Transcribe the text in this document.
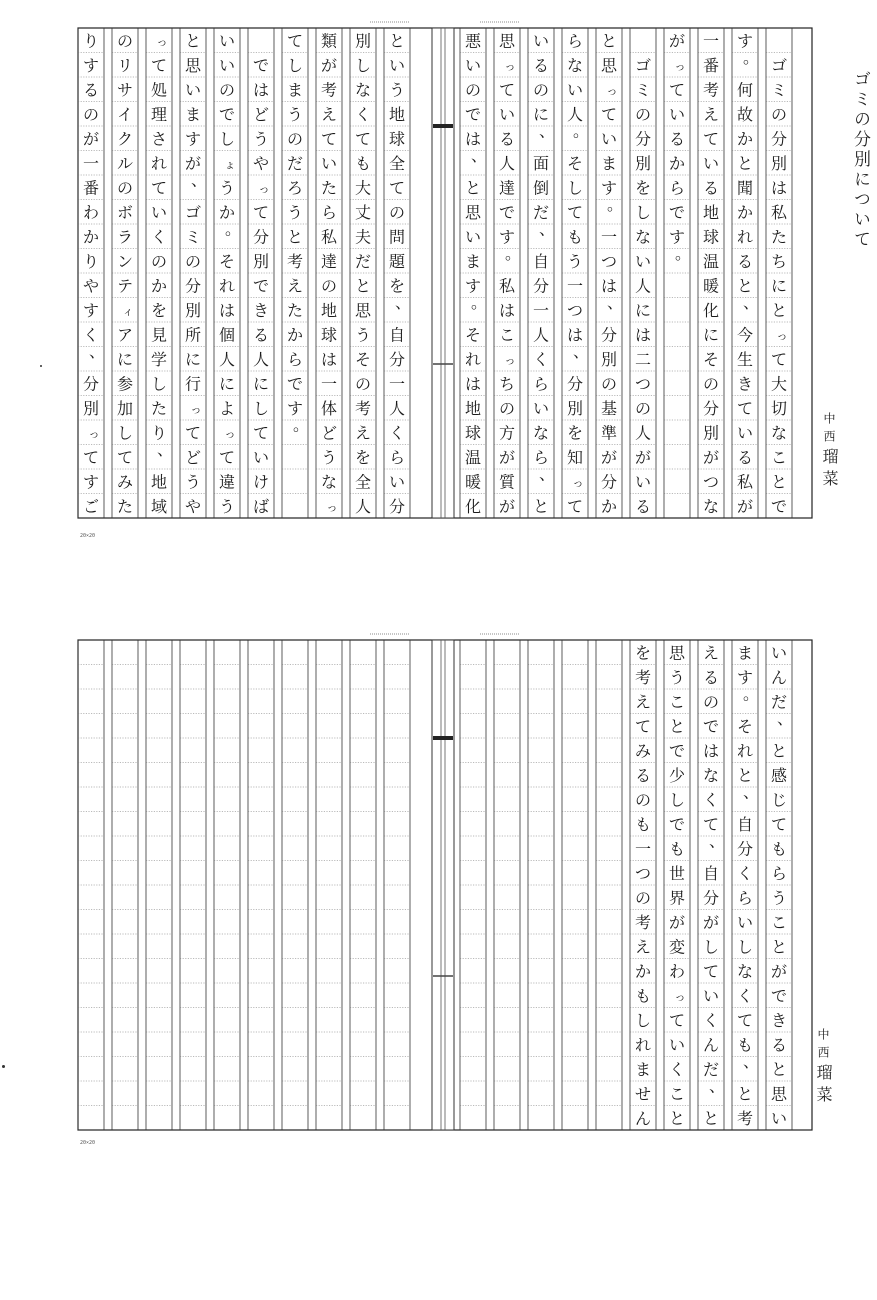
ゴミの分別について
中西瑠菜
中西瑠菜
20×20
20×20
ゴ
ミ
の
分
別
は
私
た
ち
に
と
っ
て
大
切
な
こ
と
で
す
。
何
故
か
と
聞
か
れ
る
と
、
今
生
き
て
い
る
私
が
一
番
考
え
て
い
る
地
球
温
暖
化
に
そ
の
分
別
が
つ
な
が
っ
て
い
る
か
ら
で
す
。
ゴ
ミ
の
分
別
を
し
な
い
人
に
は
二
つ
の
人
が
い
る
と
思
っ
て
い
ま
す
。
一
つ
は
、
分
別
の
基
準
が
分
か
ら
な
い
人
。
そ
し
て
も
う
一
つ
は
、
分
別
を
知
っ
て
い
る
の
に
、
面
倒
だ
、
自
分
一
人
く
ら
い
な
ら
、
と
思
っ
て
い
る
人
達
で
す
。
私
は
こ
っ
ち
の
方
が
質
が
悪
い
の
で
は
、
と
思
い
ま
す
。
そ
れ
は
地
球
温
暖
化
と
い
う
地
球
全
て
の
問
題
を
、
自
分
一
人
く
ら
い
分
別
し
な
く
て
も
大
丈
夫
だ
と
思
う
そ
の
考
え
を
全
人
類
が
考
え
て
い
た
ら
私
達
の
地
球
は
一
体
ど
う
な
っ
て
し
ま
う
の
だ
ろ
う
と
考
え
た
か
ら
で
す
。
で
は
ど
う
や
っ
て
分
別
で
き
る
人
に
し
て
い
け
ば
い
い
の
で
し
ょ
う
か
。
そ
れ
は
個
人
に
よ
っ
て
違
う
と
思
い
ま
す
が
、
ゴ
ミ
の
分
別
所
に
行
っ
て
ど
う
や
っ
て
処
理
さ
れ
て
い
く
の
か
を
見
学
し
た
り
、
地
域
の
リ
サ
イ
ク
ル
の
ボ
ラ
ン
テ
ィ
ア
に
参
加
し
て
み
た
り
す
る
の
が
一
番
わ
か
り
や
す
く
、
分
別
っ
て
す
ご
い
ん
だ
、
と
感
じ
て
も
ら
う
こ
と
が
で
き
る
と
思
い
ま
す
。
そ
れ
と
、
自
分
く
ら
い
し
な
く
て
も
、
と
考
え
る
の
で
は
な
く
て
、
自
分
が
し
て
い
く
ん
だ
、
と
思
う
こ
と
で
少
し
で
も
世
界
が
変
わ
っ
て
い
く
こ
と
を
考
え
て
み
る
の
も
一
つ
の
考
え
か
も
し
れ
ま
せ
ん
